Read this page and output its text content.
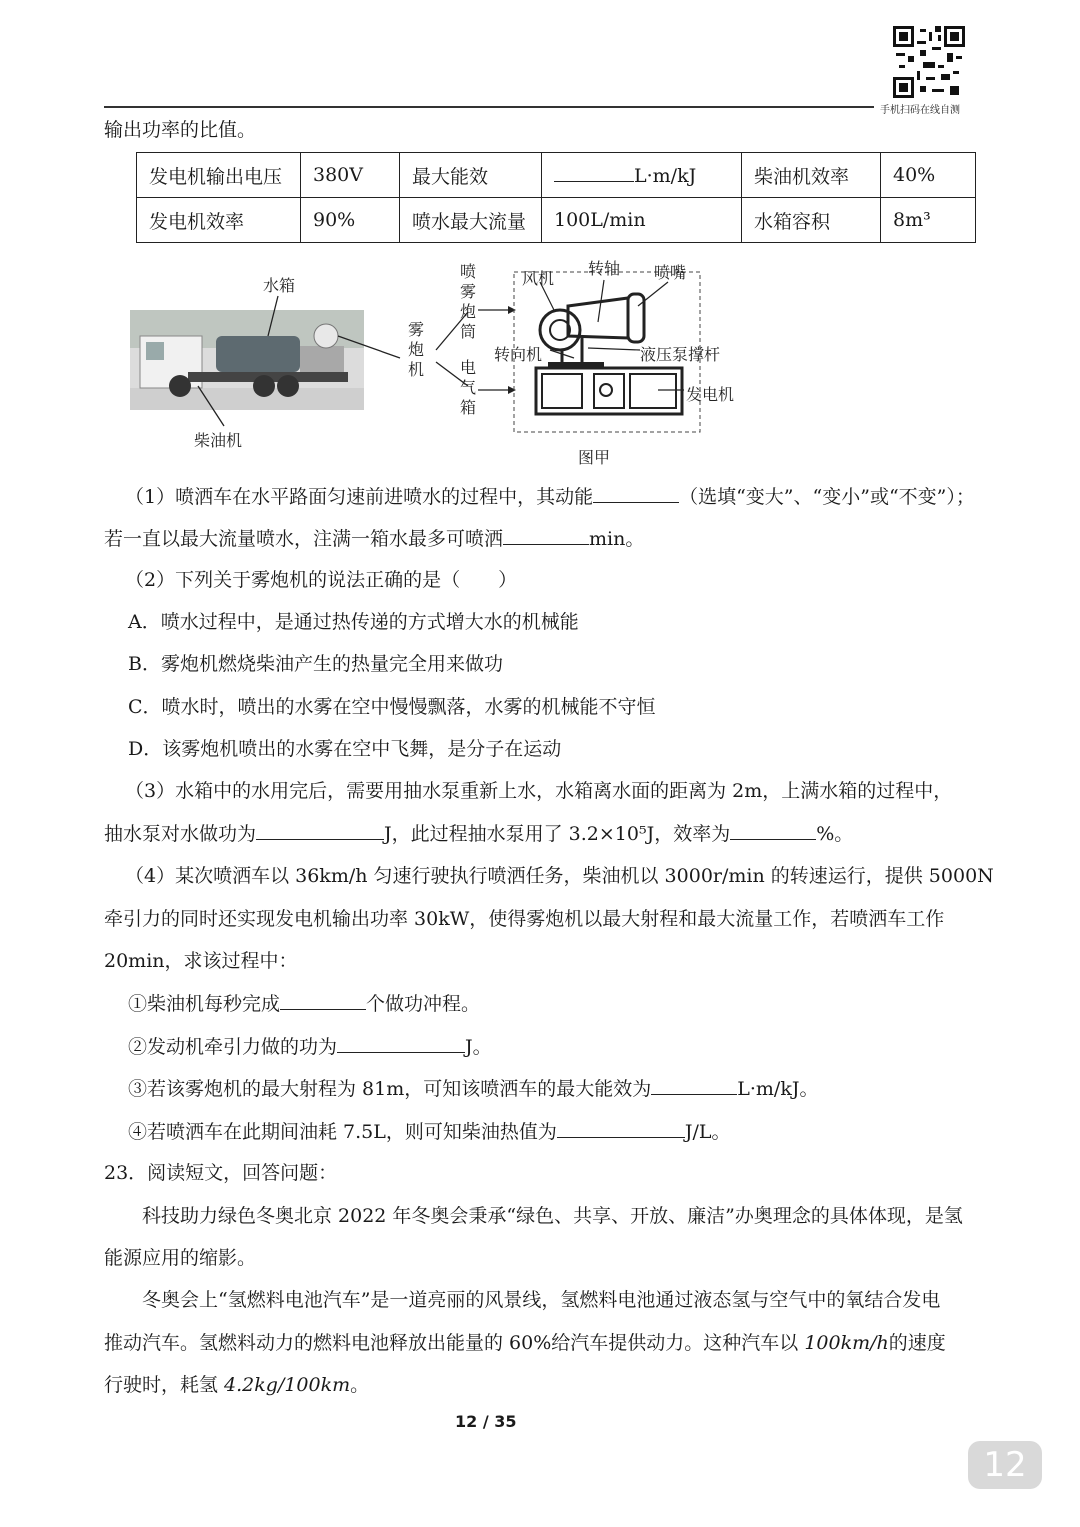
手机扫码在线自测
输出功率的比值。
发电机输出电压	380V	最大能效	L·m/kJ	柴油机效率	40%
发电机效率	90%	喷水最大流量	100L/min	水箱容积	8m³
水箱
柴油机
雾炮机
喷雾炮筒
电气箱
风机
转轴 喷嘴
转向机	液压泵撑杆
发电机
图甲
（1）喷洒车在水平路面匀速前进喷水的过程中，其动能	（选填“变大”、“变小”或“不变”）；
若一直以最大流量喷水，注满一箱水最多可喷洒	min。
（2）下列关于雾炮机的说法正确的是（　　）
A．喷水过程中，是通过热传递的方式增大水的机械能
B．雾炮机燃烧柴油产生的热量完全用来做功
C．喷水时，喷出的水雾在空中慢慢飘落，水雾的机械能不守恒
D．该雾炮机喷出的水雾在空中飞舞，是分子在运动
（3）水箱中的水用完后，需要用抽水泵重新上水，水箱离水面的距离为 2m，上满水箱的过程中，
抽水泵对水做功为	J，此过程抽水泵用了 3.2×10⁵J，效率为	%。
（4）某次喷洒车以 36km/h 匀速行驶执行喷洒任务，柴油机以 3000r/min 的转速运行，提供 5000N
牵引力的同时还实现发电机输出功率 30kW，使得雾炮机以最大射程和最大流量工作，若喷洒车工作
20min，求该过程中：
①柴油机每秒完成	个做功冲程。
②发动机牵引力做的功为	J。
③若该雾炮机的最大射程为 81m，可知该喷洒车的最大能效为	L·m/kJ。
④若喷洒车在此期间油耗 7.5L，则可知柴油热值为	J/L。
23．阅读短文，回答问题：
科技助力绿色冬奥北京 2022 年冬奥会秉承“绿色、共享、开放、廉洁”办奥理念的具体体现，是氢
能源应用的缩影。
冬奥会上“氢燃料电池汽车”是一道亮丽的风景线，氢燃料电池通过液态氢与空气中的氧结合发电
推动汽车。氢燃料动力的燃料电池释放出能量的 60%给汽车提供动力。这种汽车以 100km/h的速度
行驶时，耗氢 4.2kg/100km。
12 / 35
12
